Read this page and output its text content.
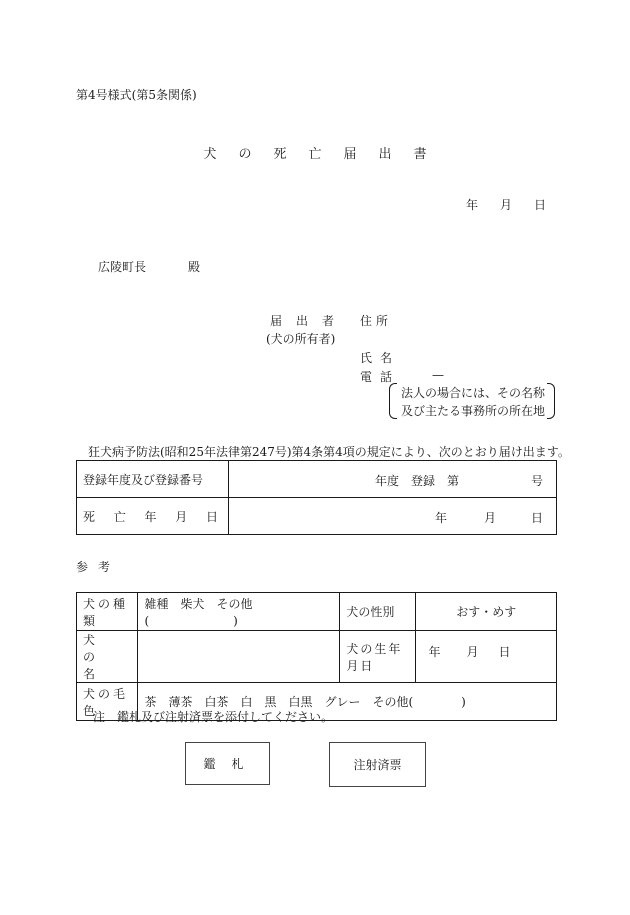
第4号様式(第5条関係)
犬 の 死 亡 届 出 書
年 月 日
広陵町長	殿
届 出 者
(犬の所有者)
住所
氏名
電話	—
法人の場合には、その名称
及び主たる事務所の所在地
狂犬病予防法(昭和25年法律第247号)第4条第4項の規定により、次のとおり届け出ます。
登録年度及び登録番号	年度 登録 第 号

死 亡 年 月 日	年 月 日
参考
犬の種類	雑種　柴犬　その他(　　　　　　　)	犬の性別	おす・めす

犬の名		犬の生年月日	年 月 日

犬の毛色	茶　薄茶　白茶　白　黒　白黒　グレー　その他(　　　　)		
注　鑑札及び注射済票を添付してください。
鑑札	注射済票
